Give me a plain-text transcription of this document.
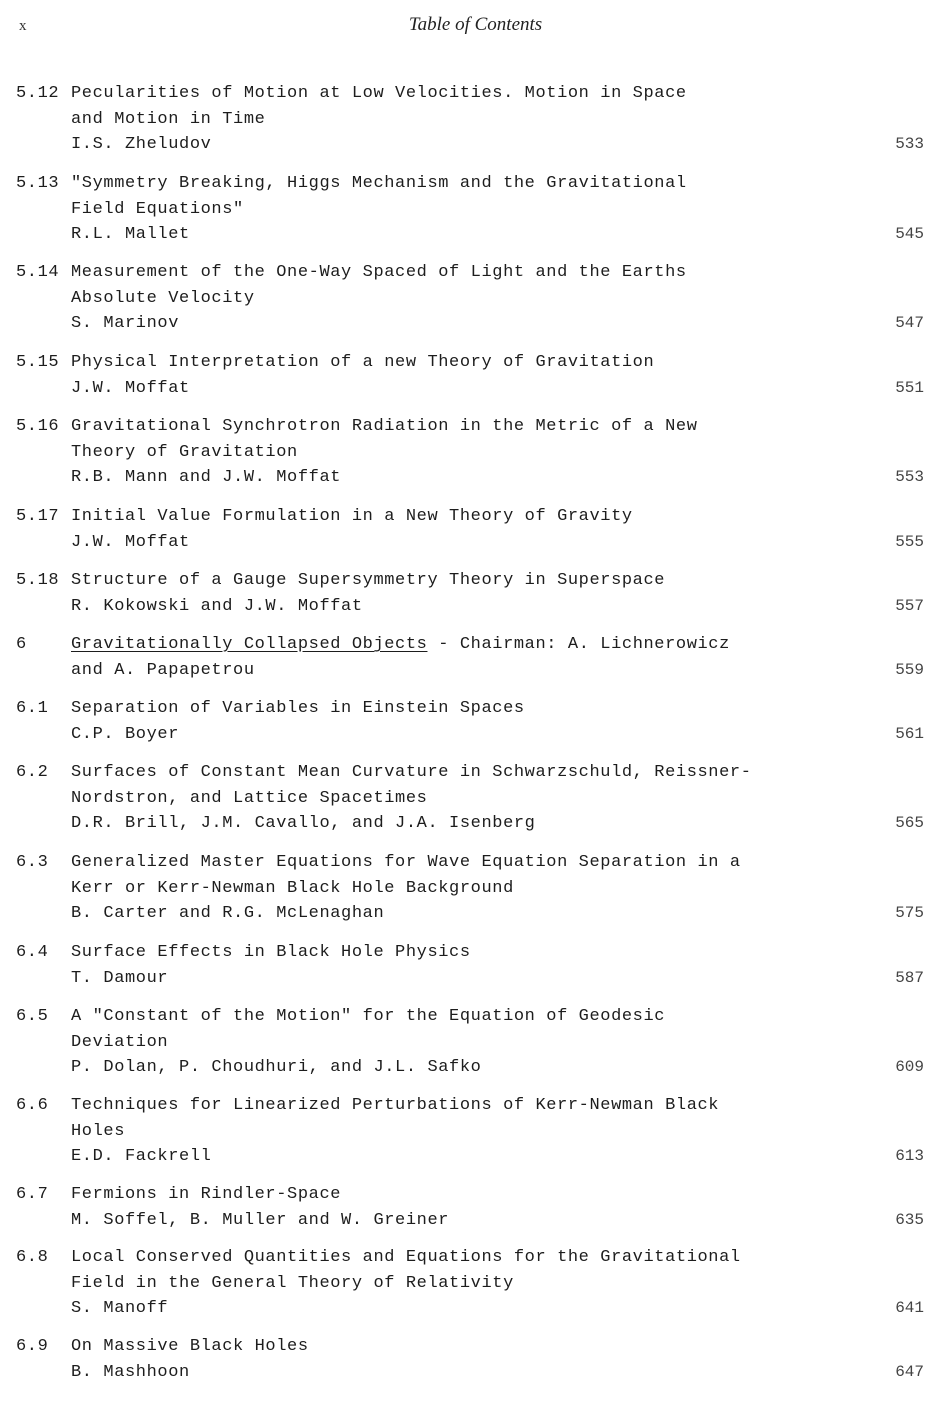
x	Table of Contents
5.12 Pecularities of Motion at Low Velocities. Motion in Space
and Motion in Time
I.S. Zheludov	533
5.13 "Symmetry Breaking, Higgs Mechanism and the Gravitational
Field Equations"
R.L. Mallet	545
5.14 Measurement of the One-Way Spaced of Light and the Earths
Absolute Velocity
S. Marinov	547
5.15 Physical Interpretation of a new Theory of Gravitation
J.W. Moffat	551
5.16 Gravitational Synchrotron Radiation in the Metric of a New
Theory of Gravitation
R.B. Mann and J.W. Moffat	553
5.17 Initial Value Formulation in a New Theory of Gravity
J.W. Moffat	555
5.18 Structure of a Gauge Supersymmetry Theory in Superspace
R. Kokowski and J.W. Moffat	557
6	Gravitationally Collapsed Objects - Chairman: A. Lichnerowicz
and A. Papapetrou	559
6.1 Separation of Variables in Einstein Spaces
C.P. Boyer	561
6.2 Surfaces of Constant Mean Curvature in Schwarzschuld, Reissner-
Nordstron, and Lattice Spacetimes
D.R. Brill, J.M. Cavallo, and J.A. Isenberg	565
6.3 Generalized Master Equations for Wave Equation Separation in a
Kerr or Kerr-Newman Black Hole Background
B. Carter and R.G. McLenaghan	575
6.4 Surface Effects in Black Hole Physics
T. Damour	587
6.5 A "Constant of the Motion" for the Equation of Geodesic
Deviation
P. Dolan, P. Choudhuri, and J.L. Safko	609
6.6 Techniques for Linearized Perturbations of Kerr-Newman Black
Holes
E.D. Fackrell	613
6.7 Fermions in Rindler-Space
M. Soffel, B. Muller and W. Greiner	635
6.8 Local Conserved Quantities and Equations for the Gravitational
Field in the General Theory of Relativity
S. Manoff	641
6.9 On Massive Black Holes
B. Mashhoon	647
